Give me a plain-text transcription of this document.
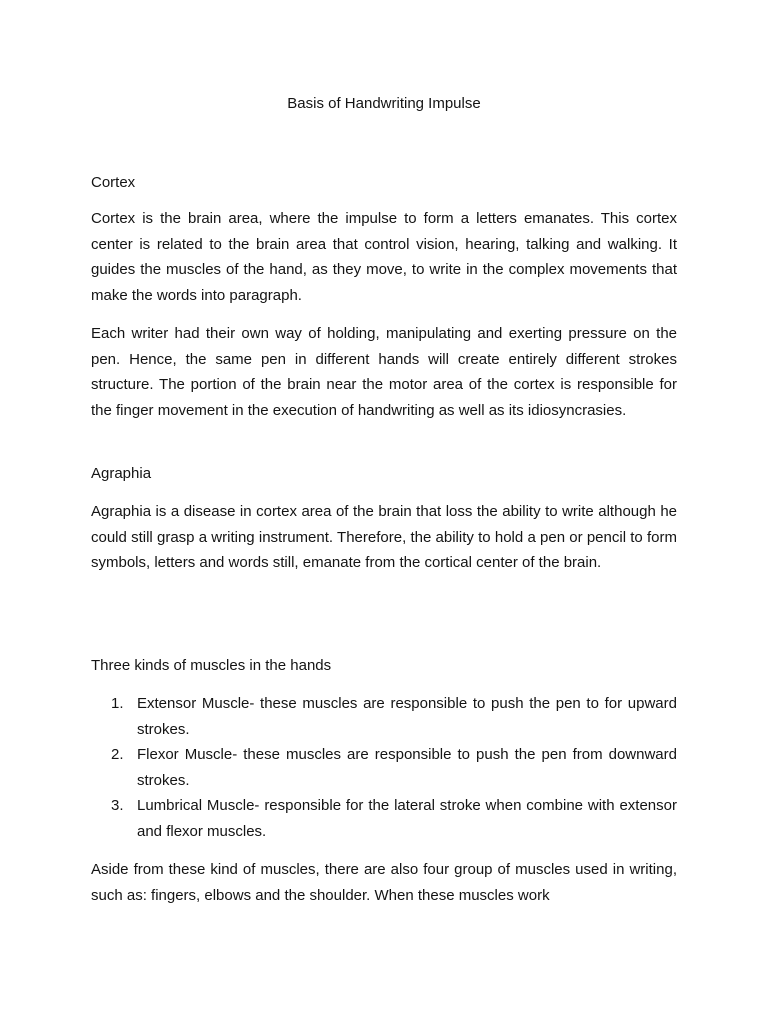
Basis of Handwriting Impulse
Cortex

Cortex is the brain area, where the impulse to form a letters emanates. This cortex center is related to the brain area that control vision, hearing, talking and walking. It guides the muscles of the hand, as they move, to write in the complex movements that make the words into paragraph.

Each writer had their own way of holding, manipulating and exerting pressure on the pen. Hence, the same pen in different hands will create entirely different strokes structure. The portion of the brain near the motor area of the cortex is responsible for the finger movement in the execution of handwriting as well as its idiosyncrasies.

Agraphia

Agraphia is a disease in cortex area of the brain that loss the ability to write although he could still grasp a writing instrument. Therefore, the ability to hold a pen or pencil to form symbols, letters and words still, emanate from the cortical center of the brain.

Three kinds of muscles in the hands
1. Extensor Muscle- these muscles are responsible to push the pen to for upward strokes.
2. Flexor Muscle- these muscles are responsible to push the pen from downward strokes.
3. Lumbrical Muscle- responsible for the lateral stroke when combine with extensor and flexor muscles.

Aside from these kind of muscles, there are also four group of muscles used in writing, such as: fingers, elbows and the shoulder. When these muscles work
